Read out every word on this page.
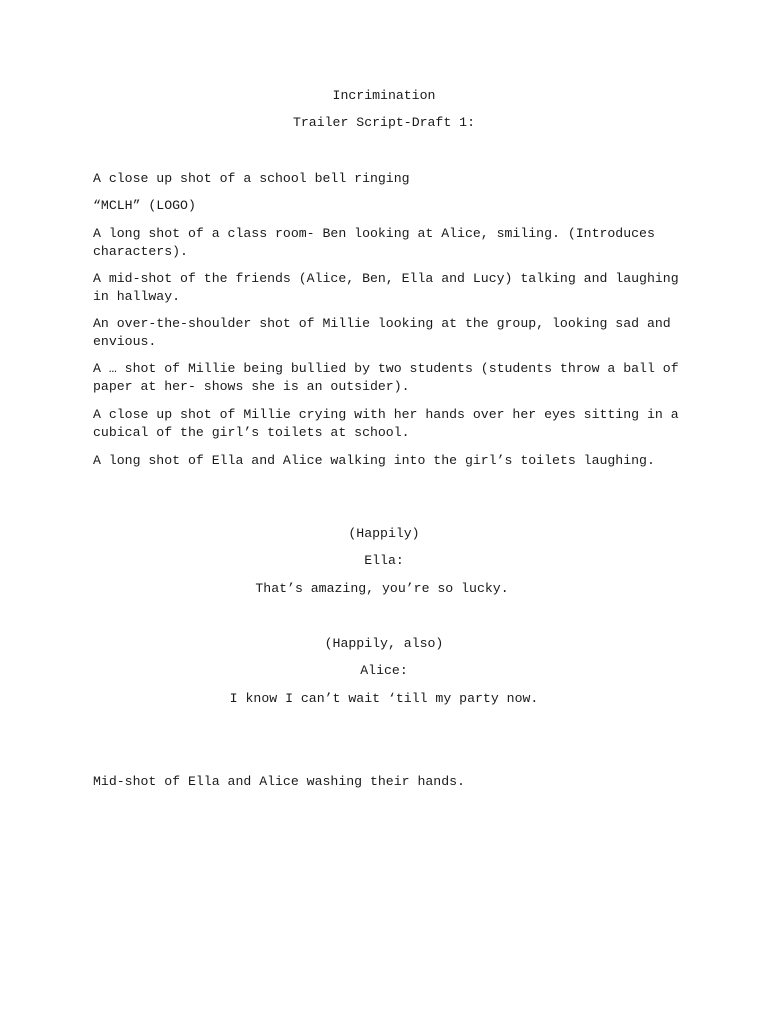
Incrimination
Trailer Script-Draft 1:
A close up shot of a school bell ringing
“MCLH” (LOGO)
A long shot of a class room- Ben looking at Alice, smiling. (Introduces characters).
A mid-shot of the friends (Alice, Ben, Ella and Lucy) talking and laughing in hallway.
An over-the-shoulder shot of Millie looking at the group, looking sad and envious.
A … shot of Millie being bullied by two students (students throw a ball of paper at her- shows she is an outsider).
A close up shot of Millie crying with her hands over her eyes sitting in a cubical of the girl’s toilets at school.
A long shot of Ella and Alice walking into the girl’s toilets laughing.
(Happily)
Ella:
That’s amazing, you’re so lucky.
(Happily, also)
Alice:
I know I can’t wait ‘till my party now.
Mid-shot of Ella and Alice washing their hands.
